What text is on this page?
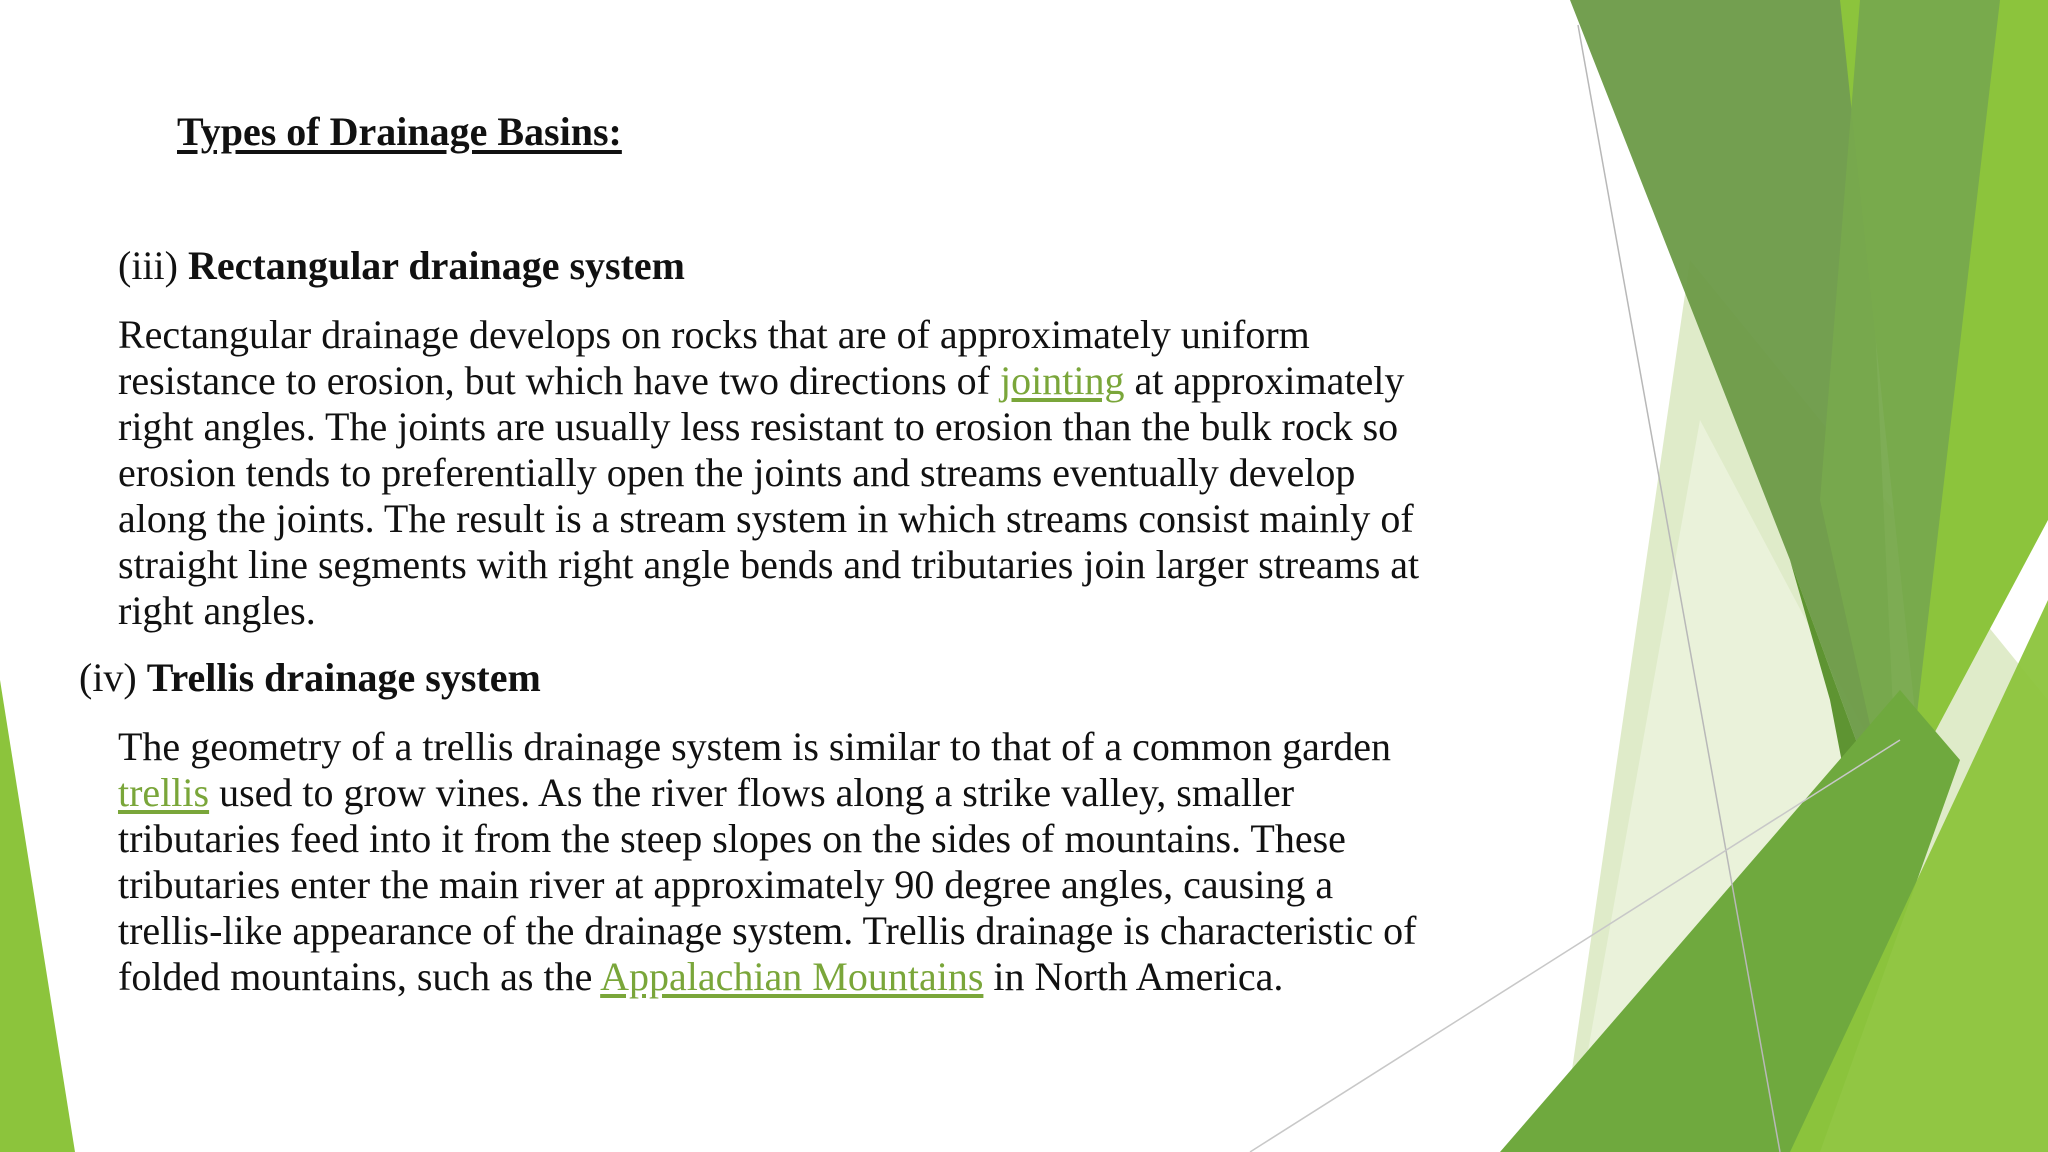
Types of Drainage Basins:
(iii) Rectangular drainage system

Rectangular drainage develops on rocks that are of approximately uniform
resistance to erosion, but which have two directions of jointing at approximately
right angles. The joints are usually less resistant to erosion than the bulk rock so
erosion tends to preferentially open the joints and streams eventually develop
along the joints. The result is a stream system in which streams consist mainly of
straight line segments with right angle bends and tributaries join larger streams at
right angles.

(iv) Trellis drainage system

The geometry of a trellis drainage system is similar to that of a common garden
trellis used to grow vines. As the river flows along a strike valley, smaller
tributaries feed into it from the steep slopes on the sides of mountains. These
tributaries enter the main river at approximately 90 degree angles, causing a
trellis-like appearance of the drainage system. Trellis drainage is characteristic of
folded mountains, such as the Appalachian Mountains in North America.
